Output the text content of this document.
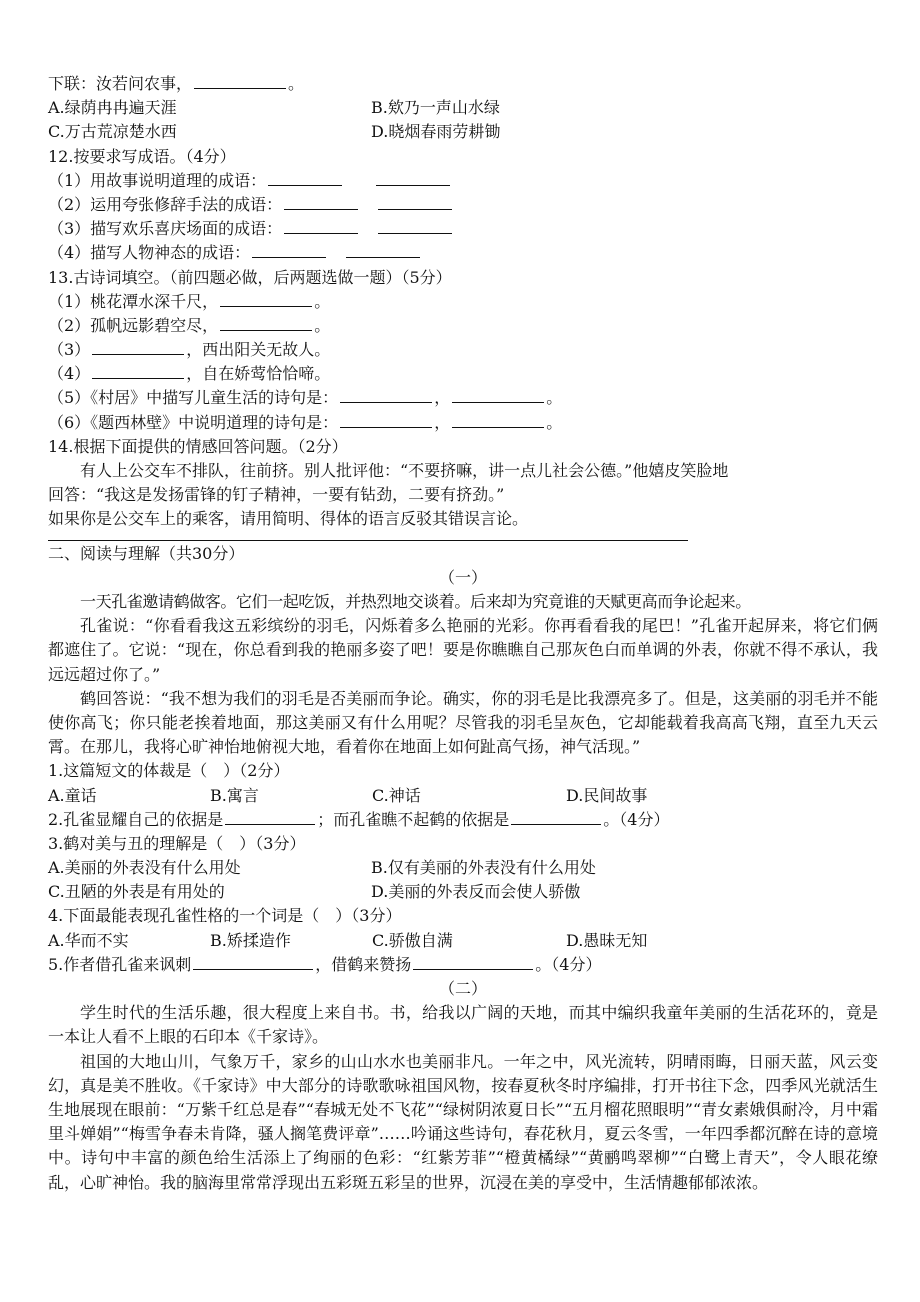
下联：汝若问农事，	。
A.绿荫冉冉遍天涯	B.欸乃一声山水绿
C.万古荒凉楚水西	D.晓烟春雨劳耕锄
12.按要求写成语。（4分）
（1）用故事说明道理的成语：
（2）运用夸张修辞手法的成语：
（3）描写欢乐喜庆场面的成语：
（4）描写人物神态的成语：
13.古诗词填空。（前四题必做，后两题选做一题）（5分）
（1）桃花潭水深千尺，	。
（2）孤帆远影碧空尽，	。
（3）	，西出阳关无故人。
（4）	，自在娇莺恰恰啼。
（5）《村居》中描写儿童生活的诗句是：	，	。
（6）《题西林壁》中说明道理的诗句是：	，	。
14.根据下面提供的情感回答问题。（2分）
有人上公交车不排队，往前挤。别人批评他：“不要挤嘛，讲一点儿社会公德。”他嬉皮笑脸地
回答：“我这是发扬雷锋的钉子精神，一要有钻劲，二要有挤劲。”
如果你是公交车上的乘客，请用简明、得体的语言反驳其错误言论。
二、阅读与理解（共30分）
（一）
一天孔雀邀请鹤做客。它们一起吃饭，并热烈地交谈着。后来却为究竟谁的天赋更高而争论起来。
孔雀说：“你看看我这五彩缤纷的羽毛，闪烁着多么艳丽的光彩。你再看看我的尾巴！”孔雀开起屏来，将它们俩都遮住了。它说：“现在，你总看到我的艳丽多姿了吧！要是你瞧瞧自己那灰色白而单调的外表，你就不得不承认，我远远超过你了。”
鹤回答说：“我不想为我们的羽毛是否美丽而争论。确实，你的羽毛是比我漂亮多了。但是，这美丽的羽毛并不能使你高飞；你只能老挨着地面，那这美丽又有什么用呢？尽管我的羽毛呈灰色，它却能载着我高高飞翔，直至九天云霄。在那儿，我将心旷神怡地俯视大地，看着你在地面上如何趾高气扬，神气活现。”
1.这篇短文的体裁是（　）（2分）
A.童话	B.寓言	C.神话	D.民间故事
2.孔雀显耀自己的依据是	；而孔雀瞧不起鹤的依据是	。（4分）
3.鹤对美与丑的理解是（　）（3分）
A.美丽的外表没有什么用处	B.仅有美丽的外表没有什么用处
C.丑陋的外表是有用处的	D.美丽的外表反而会使人骄傲
4.下面最能表现孔雀性格的一个词是（　）（3分）
A.华而不实	B.矫揉造作	C.骄傲自满	D.愚昧无知
5.作者借孔雀来讽刺	，借鹤来赞扬	。（4分）
（二）
学生时代的生活乐趣，很大程度上来自书。书，给我以广阔的天地，而其中编织我童年美丽的生活花环的，竟是一本让人看不上眼的石印本《千家诗》。
祖国的大地山川，气象万千，家乡的山山水水也美丽非凡。一年之中，风光流转，阴晴雨晦，日丽天蓝，风云变幻，真是美不胜收。《千家诗》中大部分的诗歌歌咏祖国风物，按春夏秋冬时序编排，打开书往下念，四季风光就活生生地展现在眼前：“万紫千红总是春”“春城无处不飞花”“绿树阴浓夏日长”“五月榴花照眼明”“青女素娥俱耐冷，月中霜里斗婵娟”“梅雪争春未肯降，骚人搁笔费评章”……吟诵这些诗句，春花秋月，夏云冬雪，一年四季都沉醉在诗的意境中。诗句中丰富的颜色给生活添上了绚丽的色彩：“红紫芳菲”“橙黄橘绿”“黄鹂鸣翠柳”“白鹭上青天”，令人眼花缭乱，心旷神怡。我的脑海里常常浮现出五彩斑五彩呈的世界，沉浸在美的享受中，生活情趣郁郁浓浓。
